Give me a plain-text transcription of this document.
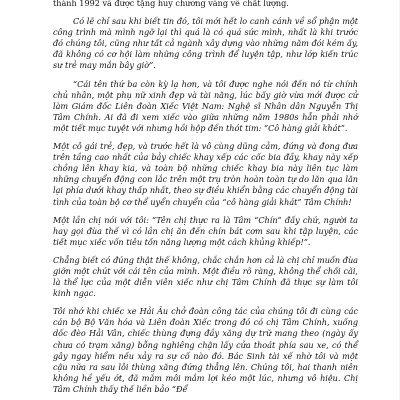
thành 1992 và được tặng huy chương vàng về chất lượng.

Có lẽ chỉ sau khi biết tin đó, tôi mới hết lo canh cánh về sổ phận một công trình mà mình ngỡ lại thì quá là có quá sức mình, nhất là khi trước đó chúng tôi, cũng như tất cả ngành xây dựng vào những năm đói kém ấy, đã không có cơ hội làm những công trình để luyện tập, như lớp kiến trúc sư trẻ may mắn bây giờ”.

“Cái tên thứ ba còn kỳ lạ hơn, và tôi được nghe nói đến nó từ chính chủ nhân, một phụ nữ xinh đẹp và tài năng, lúc bấy giờ vừa mới được cử làm Giám đốc Liên đoàn Xiếc Việt Nam: Nghệ sĩ Nhân dân Nguyễn Thị Tâm Chính. Ai đã đi xem xiếc vào giữa những năm 1980s hẳn phải nhớ một tiết mục tuyệt với nhưng hồi hộp đến thót tim: “Cô hàng giải khát”.

Một cô gái trẻ, đẹp, và trước hết là vô cùng dũng cảm, đứng và đong đưa trên tầng cao nhất của bảy chiếc khay xếp các cốc bia đầy, khay này xếp chồng lên khay kia, và toàn bộ những chiếc khay bia này liên tục làm những chuyển động con lắc trên một trụ tròn hoàn toàn tự do lăn qua lăn lại phía dưới khay thấp nhất, theo sự điều khiển bằng các chuyển động tài tình của toàn bộ cơ thể uyển chuyển của “cô hàng giải khát” Tâm Chính!

Một lần chị nói với tôi: “Tên chị thực ra là Tâm “Chín” đấy chứ, người ta hay gọi đùa thế vì có lần chị ăn đến chín bát cơm sau khi tập luyện, các tiết mục xiếc vốn tiêu tốn năng lượng một cách khủng khiếp!”.

Chẳng biết có đúng thật thế không, chắc chắn hơn cả là chị chỉ muốn đùa giỡn một chút với cái tên của mình. Một điều rõ ràng, không thể chối cãi, là thể lực của một diễn viên xiếc như chị Tâm Chính đã thực sự làm tôi kinh ngạc.

Tôi nhớ khi chiếc xe Hải Âu chở đoàn công tác của chúng tôi đi cùng các cán bộ Bộ Văn hóa và Liên đoàn Xiếc trong đó có chị Tâm Chính, xuống dốc đèo Hải Vân, chiếc thùng đựng đầy xăng dự trữ mang theo (ngày ấy chưa có trạm xăng) bỗng nghiêng chận lấy cửa thoát phía sau xe, có thể gây ngay hiểm nếu xảy ra sự cố nào đó. Bác Sinh tài xế nhờ tôi và một cậu nữa ra sau lôi thùng xăng đứng thẳng lên. Chúng tôi, hai thanh niên không hề yếu ớt, đã mắm môi mắm lợi kéo một lúc, nhưng vô hiệu. Chị Tâm Chính thấy thế liền bảo “Để
